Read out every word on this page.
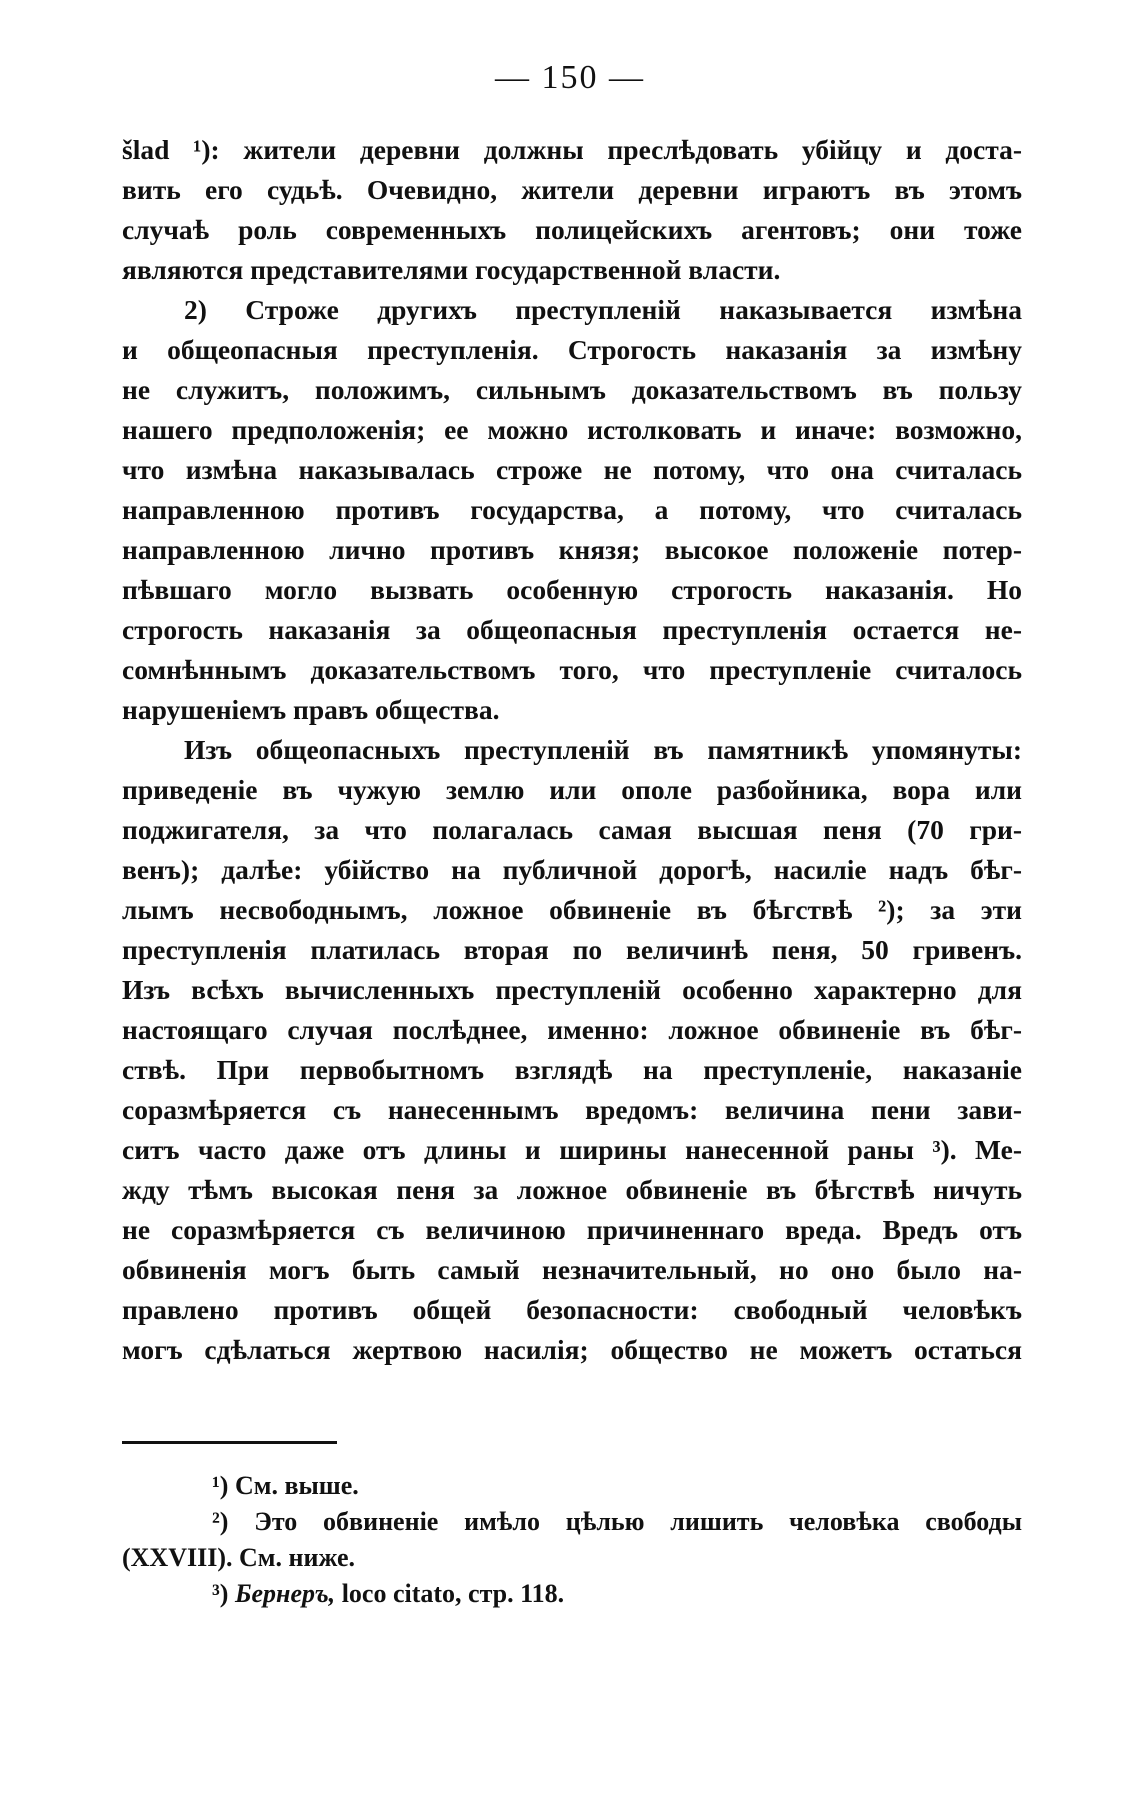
— 150 —
šlad ¹): жители деревни должны преслѣдовать убійцу и доста-
вить его судьѣ. Очевидно, жители деревни играютъ въ этомъ
случаѣ роль современныхъ полицейскихъ агентовъ; они тоже
являются представителями государственной власти.
2) Строже другихъ преступленій наказывается измѣна
и общеопасныя преступленія. Строгость наказанія за измѣну
не служитъ, положимъ, сильнымъ доказательствомъ въ пользу
нашего предположенія; ее можно истолковать и иначе: возможно,
что измѣна наказывалась строже не потому, что она считалась
направленною противъ государства, а потому, что считалась
направленною лично противъ князя; высокое положеніе потер-
пѣвшаго могло вызвать особенную строгость наказанія. Но
строгость наказанія за общеопасныя преступленія остается не-
сомнѣннымъ доказательствомъ того, что преступленіе считалось
нарушеніемъ правъ общества.
Изъ общеопасныхъ преступленій въ памятникѣ упомянуты:
приведеніе въ чужую землю или ополе разбойника, вора или
поджигателя, за что полагалась самая высшая пеня (70 гри-
венъ); далѣе: убійство на публичной дорогѣ, насиліе надъ бѣг-
лымъ несвободнымъ, ложное обвиненіе въ бѣгствѣ ²); за эти
преступленія платилась вторая по величинѣ пеня, 50 гривенъ.
Изъ всѣхъ вычисленныхъ преступленій особенно характерно для
настоящаго случая послѣднее, именно: ложное обвиненіе въ бѣг-
ствѣ. При первобытномъ взглядѣ на преступленіе, наказаніе
соразмѣряется съ нанесеннымъ вредомъ: величина пени зави-
ситъ часто даже отъ длины и ширины нанесенной раны ³). Ме-
жду тѣмъ высокая пеня за ложное обвиненіе въ бѣгствѣ ничуть
не соразмѣряется съ величиною причиненнаго вреда. Вредъ отъ
обвиненія могъ быть самый незначительный, но оно было на-
правлено противъ общей безопасности: свободный человѣкъ
могъ сдѣлаться жертвою насилія; общество не можетъ остаться
¹) См. выше.
²) Это обвиненіе имѣло цѣлью лишить человѣка свободы
(XXVIII). См. ниже.
³) Бернеръ, loco citato, стр. 118.
